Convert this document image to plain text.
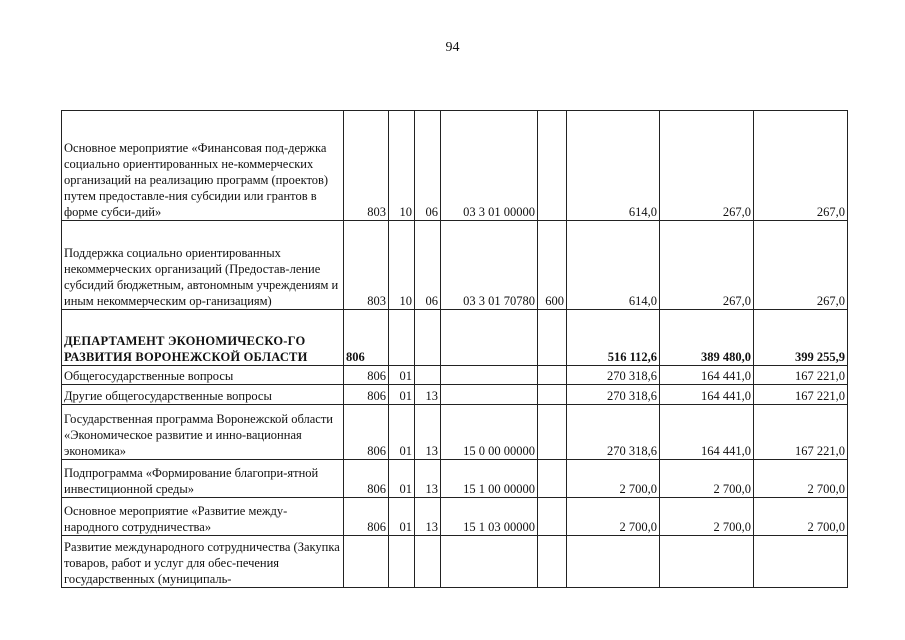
94
Основное мероприятие «Финансовая под-держка социально ориентированных не-коммерческих организаций на реализацию программ (проектов) путем предоставле-ния субсидии или грантов в форме субси-дий»	803	10	06	03 3 01 00000		614,0	267,0	267,0
Поддержка социально ориентированных некоммерческих организаций (Предостав-ление субсидий бюджетным, автономным учреждениям и иным некоммерческим ор-ганизациям)	803	10	06	03 3 01 70780	600	614,0	267,0	267,0
ДЕПАРТАМЕНТ ЭКОНОМИЧЕСКО-ГО РАЗВИТИЯ ВОРОНЕЖСКОЙ ОБЛАСТИ	806					516 112,6	389 480,0	399 255,9
Общегосударственные вопросы	806	01				270 318,6	164 441,0	167 221,0
Другие общегосударственные вопросы	806	01	13			270 318,6	164 441,0	167 221,0
Государственная программа Воронежской области «Экономическое развитие и инно-вационная экономика»	806	01	13	15 0 00 00000		270 318,6	164 441,0	167 221,0
Подпрограмма «Формирование благопри-ятной инвестиционной среды»	806	01	13	15 1 00 00000		2 700,0	2 700,0	2 700,0
Основное мероприятие «Развитие между-народного сотрудничества»	806	01	13	15 1 03 00000		2 700,0	2 700,0	2 700,0
Развитие международного сотрудничества (Закупка товаров, работ и услуг для обес-печения государственных (муниципаль-								
